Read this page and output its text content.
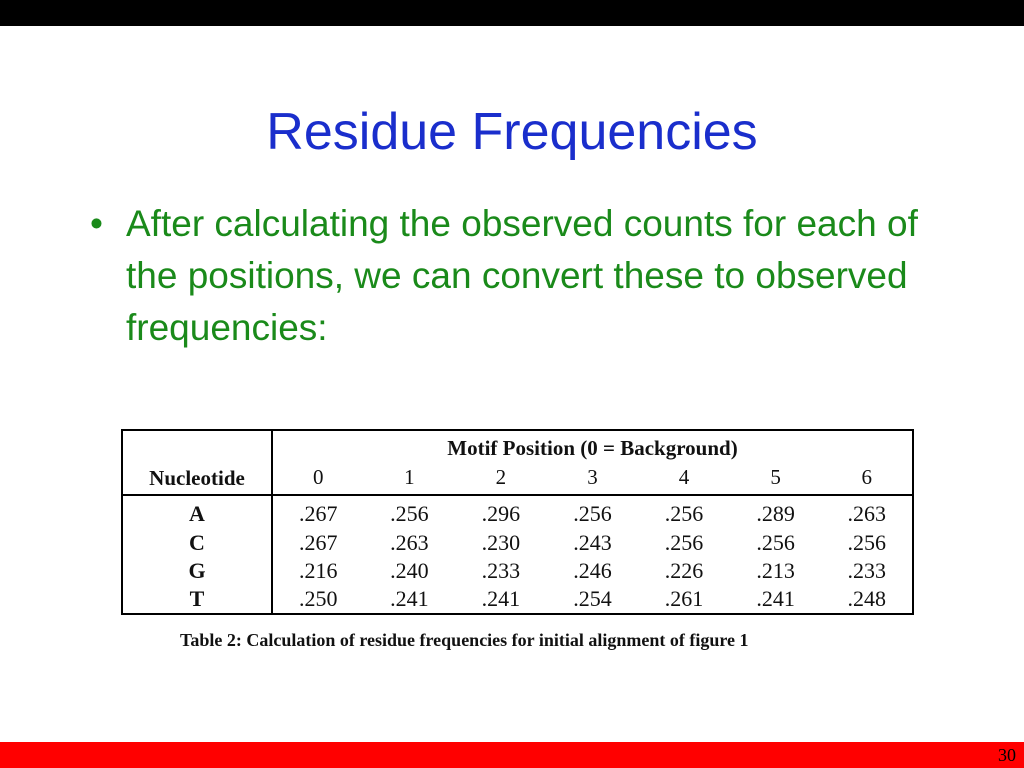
Residue Frequencies
• After calculating the observed counts for each of the positions, we can convert these to observed frequencies:
	Motif Position (0 = Background)						
Nucleotide	0	1	2	3	4	5	6
A	.267	.256	.296	.256	.256	.289	.263
C	.267	.263	.230	.243	.256	.256	.256
G	.216	.240	.233	.246	.226	.213	.233
T	.250	.241	.241	.254	.261	.241	.248
Table 2: Calculation of residue frequencies for initial alignment of figure 1
30
